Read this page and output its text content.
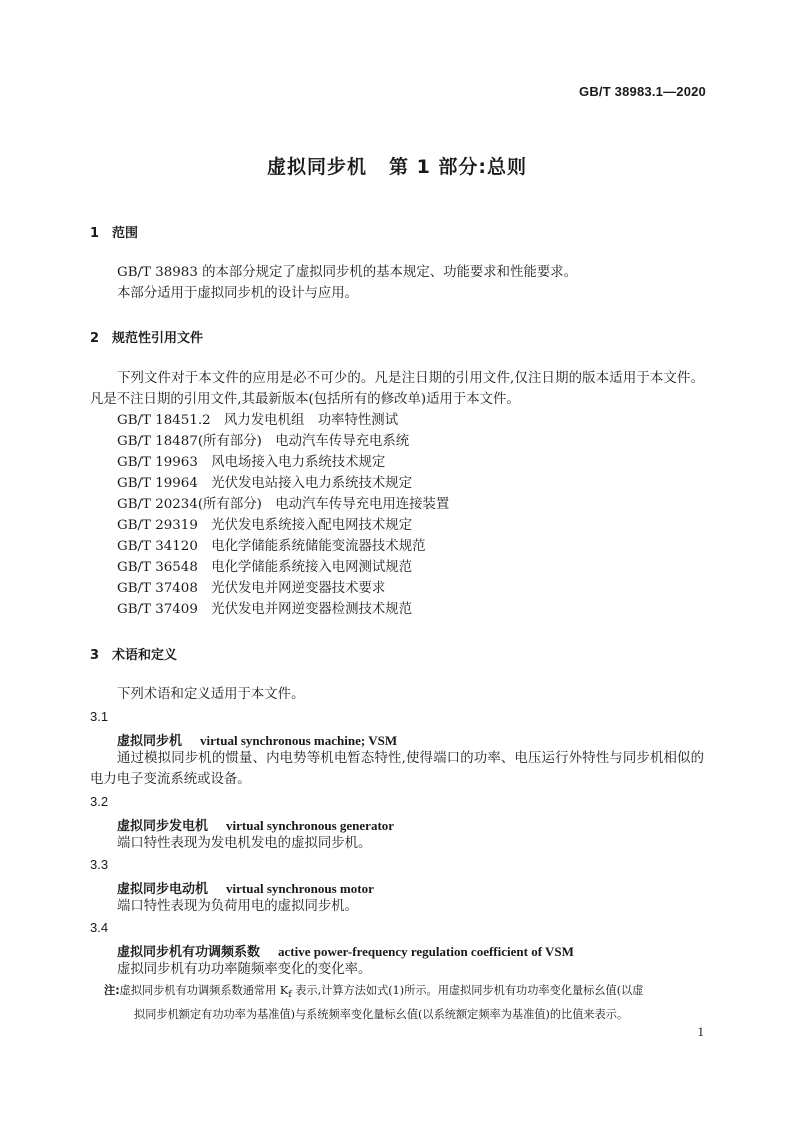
GB/T 38983.1—2020
虚拟同步机 第 1 部分:总则
1 范围
GB/T 38983 的本部分规定了虚拟同步机的基本规定、功能要求和性能要求。
本部分适用于虚拟同步机的设计与应用。
2 规范性引用文件
下列文件对于本文件的应用是必不可少的。凡是注日期的引用文件,仅注日期的版本适用于本文件。凡是不注日期的引用文件,其最新版本(包括所有的修改单)适用于本文件。
GB/T 18451.2　 风力发电机组　功率特性测试
GB/T 18487(所有部分)　 电动汽车传导充电系统
GB/T 19963　 风电场接入电力系统技术规定
GB/T 19964　 光伏发电站接入电力系统技术规定
GB/T 20234(所有部分)　 电动汽车传导充电用连接装置
GB/T 29319　 光伏发电系统接入配电网技术规定
GB/T 34120　 电化学储能系统储能变流器技术规范
GB/T 36548　 电化学储能系统接入电网测试规范
GB/T 37408　 光伏发电并网逆变器技术要求
GB/T 37409　 光伏发电并网逆变器检测技术规范
3 术语和定义
下列术语和定义适用于本文件。
3.1
虚拟同步机 virtual synchronous machine; VSM
通过模拟同步机的惯量、内电势等机电暂态特性,使得端口的功率、电压运行外特性与同步机相似的电力电子变流系统或设备。
3.2
虚拟同步发电机 virtual synchronous generator
端口特性表现为发电机发电的虚拟同步机。
3.3
虚拟同步电动机 virtual synchronous motor
端口特性表现为负荷用电的虚拟同步机。
3.4
虚拟同步机有功调频系数 active power-frequency regulation coefficient of VSM
虚拟同步机有功功率随频率变化的变化率。
注:虚拟同步机有功调频系数通常用 $K_f$ 表示,计算方法如式(1)所示。用虚拟同步机有功功率变化量标幺值(以虚
拟同步机额定有功功率为基准值)与系统频率变化量标幺值(以系统额定频率为基准值)的比值来表示。
1
